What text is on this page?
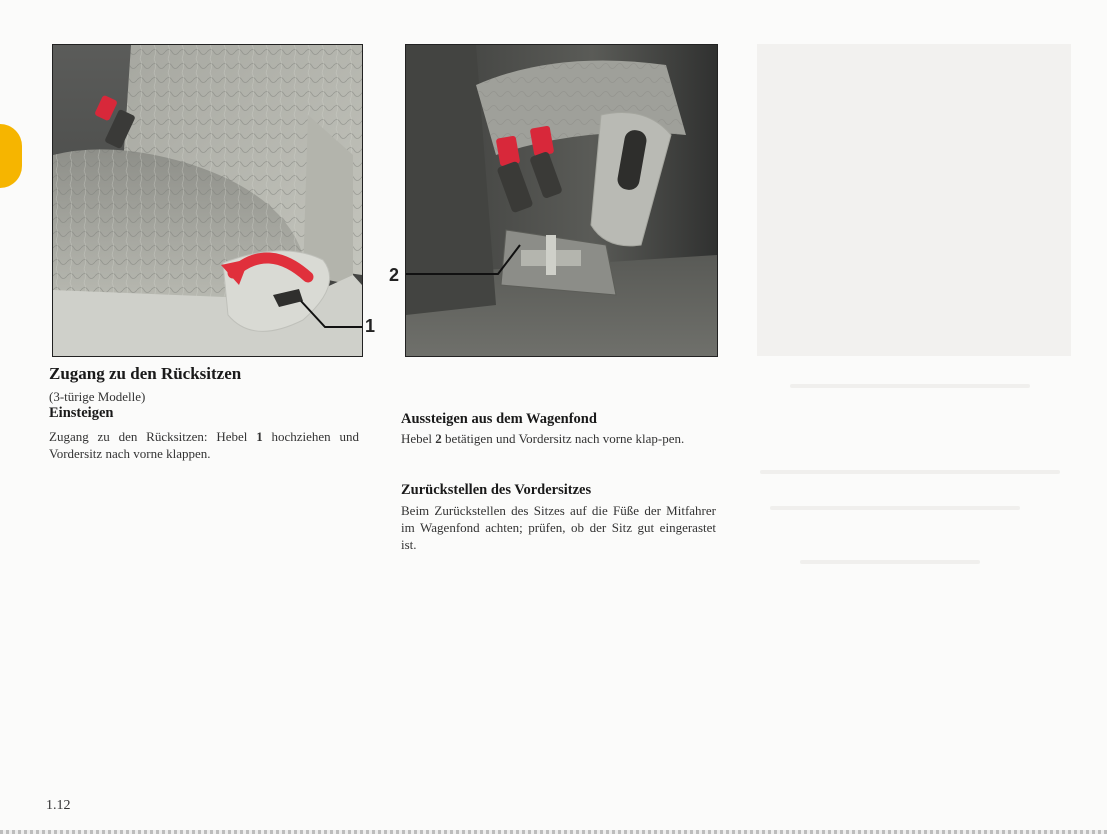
1
2
Zugang zu den Rücksitzen
(3-türige Modelle)
Einsteigen
Zugang zu den Rücksitzen: Hebel 1 hochziehen und Vordersitz nach vorne klappen.
Aussteigen aus dem Wagenfond
Hebel 2 betätigen und Vordersitz nach vorne klap-pen.
Zurückstellen des Vordersitzes
Beim Zurückstellen des Sitzes auf die Füße der Mitfahrer im Wagenfond achten; prüfen, ob der Sitz gut eingerastet ist.
1.12
